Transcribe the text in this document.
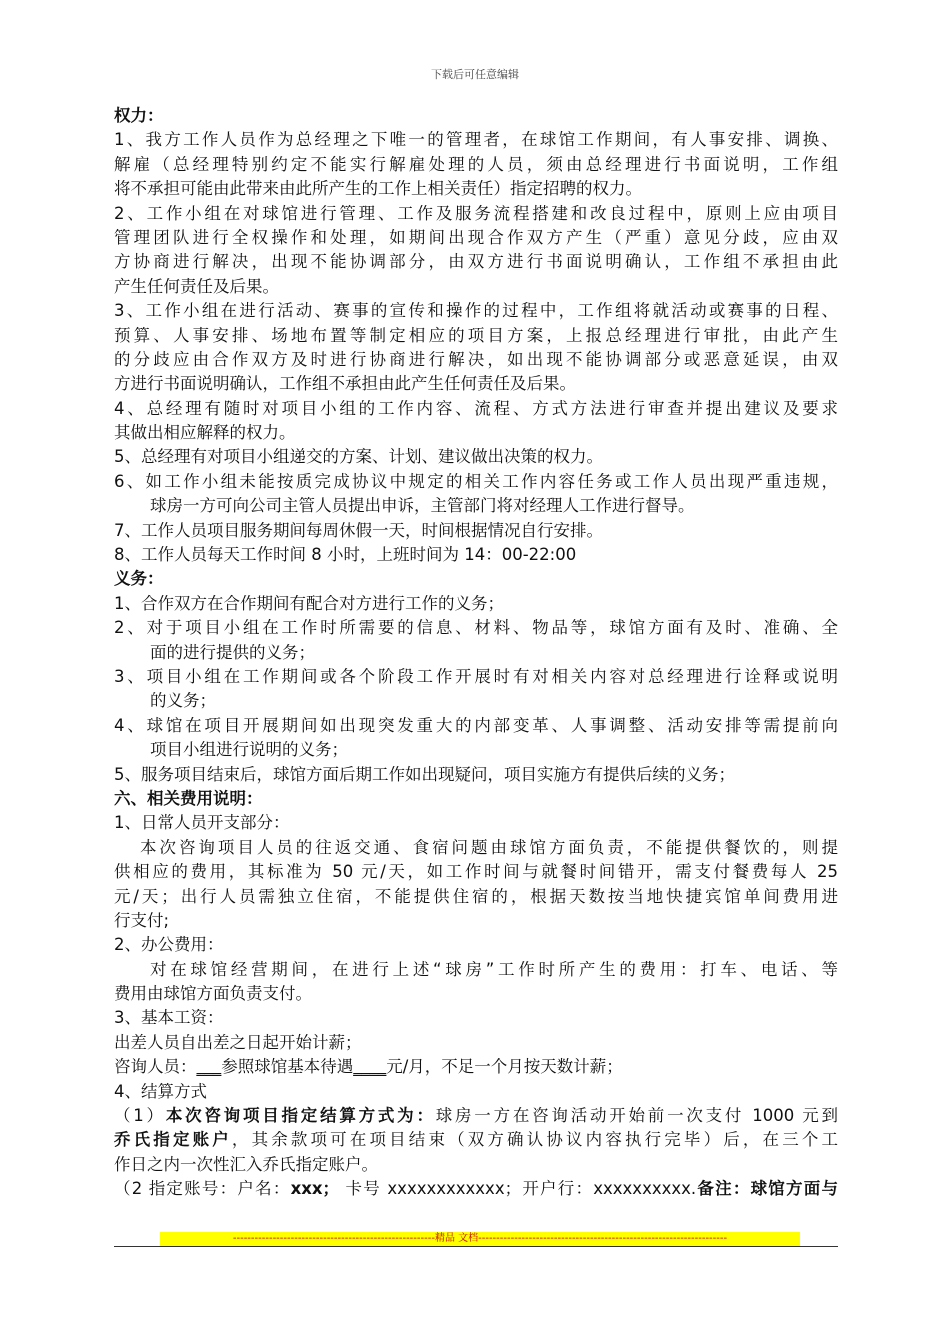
下载后可任意编辑
权力：
1、我方工作人员作为总经理之下唯一的管理者，在球馆工作期间，有人事安排、调换、
解雇（总经理特别约定不能实行解雇处理的人员，须由总经理进行书面说明，工作组
将不承担可能由此带来由此所产生的工作上相关责任）指定招聘的权力。
2、工作小组在对球馆进行管理、工作及服务流程搭建和改良过程中，原则上应由项目
管理团队进行全权操作和处理，如期间出现合作双方产生（严重）意见分歧，应由双
方协商进行解决，出现不能协调部分，由双方进行书面说明确认，工作组不承担由此
产生任何责任及后果。
3、工作小组在进行活动、赛事的宣传和操作的过程中，工作组将就活动或赛事的日程、
预算、人事安排、场地布置等制定相应的项目方案，上报总经理进行审批，由此产生
的分歧应由合作双方及时进行协商进行解决，如出现不能协调部分或恶意延误，由双
方进行书面说明确认，工作组不承担由此产生任何责任及后果。
4、总经理有随时对项目小组的工作内容、流程、方式方法进行审查并提出建议及要求
其做出相应解释的权力。
5、总经理有对项目小组递交的方案、计划、建议做出决策的权力。
6、如工作小组未能按质完成协议中规定的相关工作内容任务或工作人员出现严重违规，
球房一方可向公司主管人员提出申诉，主管部门将对经理人工作进行督导。
7、工作人员项目服务期间每周休假一天，时间根据情况自行安排。
8、工作人员每天工作时间 8 小时，上班时间为 14：00-22:00
义务：
1、合作双方在合作期间有配合对方进行工作的义务；
2、对于项目小组在工作时所需要的信息、材料、物品等，球馆方面有及时、准确、全
面的进行提供的义务；
3、项目小组在工作期间或各个阶段工作开展时有对相关内容对总经理进行诠释或说明
的义务；
4、球馆在项目开展期间如出现突发重大的内部变革、人事调整、活动安排等需提前向
项目小组进行说明的义务；
5、服务项目结束后，球馆方面后期工作如出现疑问，项目实施方有提供后续的义务；
六、相关费用说明：
1、日常人员开支部分：
本次咨询项目人员的往返交通、食宿问题由球馆方面负责，不能提供餐饮的，则提
供相应的费用，其标准为 50 元/天，如工作时间与就餐时间错开，需支付餐费每人 25
元/天；出行人员需独立住宿，不能提供住宿的，根据天数按当地快捷宾馆单间费用进
行支付;
2、办公费用：
对在球馆经营期间，在进行上述“球房”工作时所产生的费用：打车、电话、等
费用由球馆方面负责支付。
3、基本工资：
出差人员自出差之日起开始计薪；
咨询人员：___参照球馆基本待遇____元/月，不足一个月按天数计薪；
4、结算方式
（1）本次咨询项目指定结算方式为：球房一方在咨询活动开始前一次支付 1000 元到
乔氏指定账户，其余款项可在项目结束（双方确认协议内容执行完毕）后，在三个工
作日之内一次性汇入乔氏指定账户。
（2 指定账号：户名：xxx； 卡号 xxxxxxxxxxxx；开户行：xxxxxxxxxx.备注：球馆方面与
--------------------------------------------------------精品 文档---------------------------------------------------------------------
